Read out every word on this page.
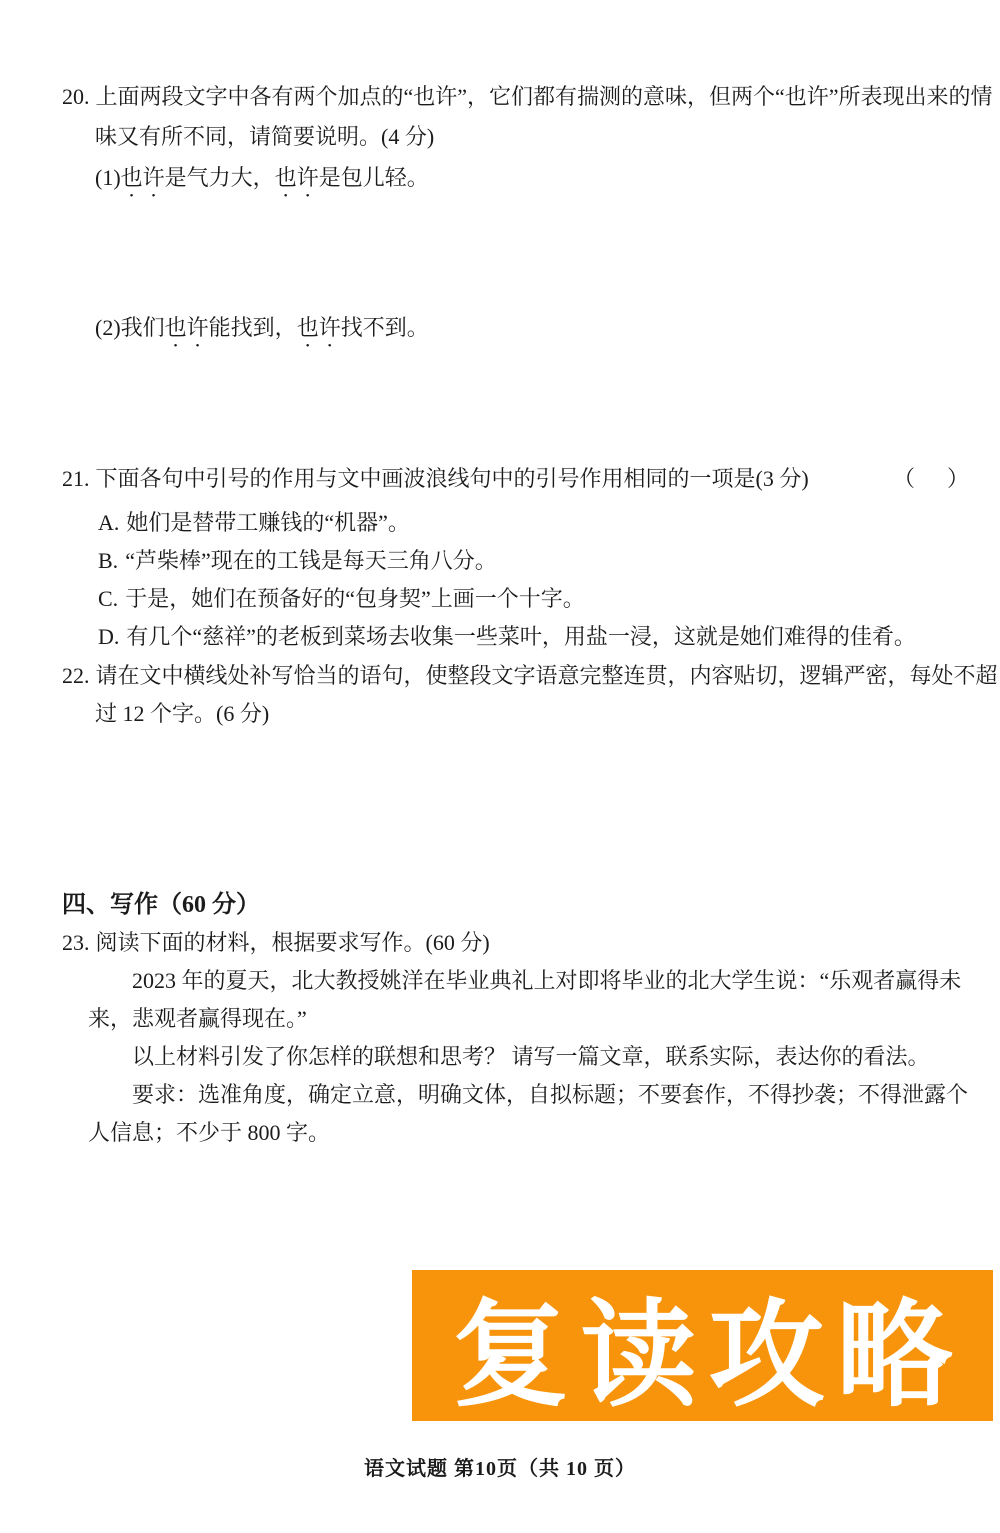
20. 上面两段文字中各有两个加点的“也许”，它们都有揣测的意味，但两个“也许”所表现出来的情味又有所不同，请简要说明。(4 分)
(1)也许是气力大，也许是包儿轻。
(2)我们也许能找到，也许找不到。
21. 下面各句中引号的作用与文中画波浪线句中的引号作用相同的一项是(3 分)	（ ）
A. 她们是替带工赚钱的“机器”。
B. “芦柴棒”现在的工钱是每天三角八分。
C. 于是，她们在预备好的“包身契”上画一个十字。
D. 有几个“慈祥”的老板到菜场去收集一些菜叶，用盐一浸，这就是她们难得的佳肴。
22. 请在文中横线处补写恰当的语句，使整段文字语意完整连贯，内容贴切，逻辑严密，每处不超过 12 个字。(6 分)
四、写作（60 分）
23. 阅读下面的材料，根据要求写作。(60 分)

2023 年的夏天，北大教授姚洋在毕业典礼上对即将毕业的北大学生说：“乐观者赢得未来，悲观者赢得现在。”

以上材料引发了你怎样的联想和思考？ 请写一篇文章，联系实际，表达你的看法。

要求：选准角度，确定立意，明确文体，自拟标题；不要套作，不得抄袭；不得泄露个人信息；不少于 800 字。

复读攻略
语文试题 第10页（共 10 页）
